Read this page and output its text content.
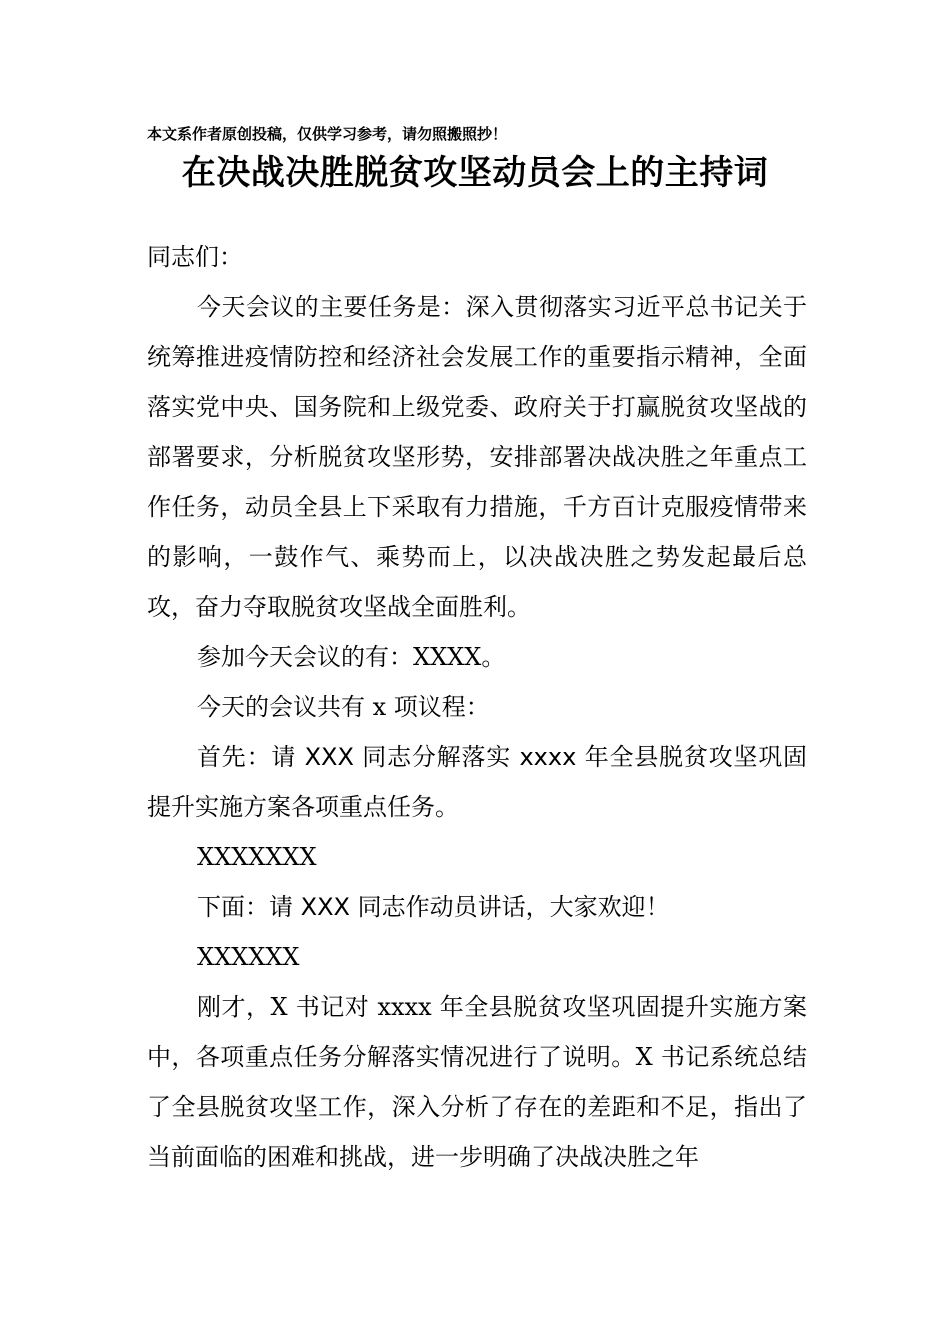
本文系作者原创投稿，仅供学习参考，请勿照搬照抄！
在决战决胜脱贫攻坚动员会上的主持词

同志们：

今天会议的主要任务是：深入贯彻落实习近平总书记关于统筹推进疫情防控和经济社会发展工作的重要指示精神，全面落实党中央、国务院和上级党委、政府关于打赢脱贫攻坚战的部署要求，分析脱贫攻坚形势，安排部署决战决胜之年重点工作任务，动员全县上下采取有力措施，千方百计克服疫情带来的影响，一鼓作气、乘势而上，以决战决胜之势发起最后总攻，奋力夺取脱贫攻坚战全面胜利。

参加今天会议的有：XXXX。

今天的会议共有 x 项议程：

首先：请 XXX 同志分解落实 xxxx 年全县脱贫攻坚巩固提升实施方案各项重点任务。

XXXXXXX

下面：请 XXX 同志作动员讲话，大家欢迎！

XXXXXX

刚才，X 书记对 xxxx 年全县脱贫攻坚巩固提升实施方案中，各项重点任务分解落实情况进行了说明。X 书记系统总结了全县脱贫攻坚工作，深入分析了存在的差距和不足，指出了当前面临的困难和挑战，进一步明确了决战决胜之年
